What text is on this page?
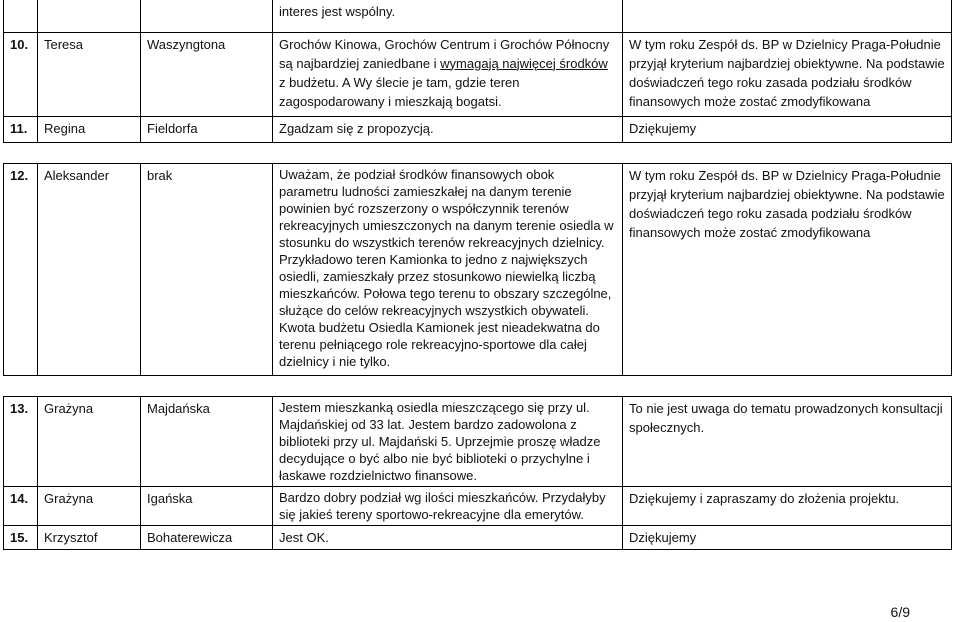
			interes jest wspólny.	
10.	Teresa	Waszyngtona	Grochów Kinowa, Grochów Centrum i Grochów Północny są najbardziej zaniedbane i wymagają najwięcej środków z budżetu. A Wy ślecie je tam, gdzie teren zagospodarowany i mieszkają bogatsi.	W tym roku Zespół ds. BP w Dzielnicy Praga-Południe przyjął kryterium najbardziej obiektywne. Na podstawie doświadczeń tego roku zasada podziału środków finansowych może zostać zmodyfikowana
11.	Regina	Fieldorfa	Zgadzam się z propozycją.	Dziękujemy

12.	Aleksander	brak	Uważam, że podział środków finansowych obok parametru ludności zamieszkałej na danym terenie powinien być rozszerzony o współczynnik terenów rekreacyjnych umieszczonych na danym terenie osiedla w stosunku do wszystkich terenów rekreacyjnych dzielnicy. Przykładowo teren Kamionka to jedno z największych osiedli, zamieszkały przez stosunkowo niewielką liczbą mieszkańców. Połowa tego terenu to obszary szczególne, służące do celów rekreacyjnych wszystkich obywateli. Kwota budżetu Osiedla Kamionek jest nieadekwatna do terenu pełniącego role rekreacyjno-sportowe dla całej dzielnicy i nie tylko.	W tym roku Zespół ds. BP w Dzielnicy Praga-Południe przyjął kryterium najbardziej obiektywne. Na podstawie doświadczeń tego roku zasada podziału środków finansowych może zostać zmodyfikowana

13.	Grażyna	Majdańska	Jestem mieszkanką osiedla mieszczącego się przy ul. Majdańskiej od 33 lat. Jestem bardzo zadowolona z biblioteki przy ul. Majdański 5. Uprzejmie proszę władze decydujące o być albo nie być biblioteki o przychylne i łaskawe rozdzielnictwo finansowe.	To nie jest uwaga do tematu prowadzonych konsultacji społecznych.
14.	Grażyna	Igańska	Bardzo dobry podział wg ilości mieszkańców. Przydałyby się jakieś tereny sportowo-rekreacyjne dla emerytów.	Dziękujemy i zapraszamy do złożenia projektu.
15.	Krzysztof	Bohaterewicza	Jest OK.	Dziękujemy
6/9
